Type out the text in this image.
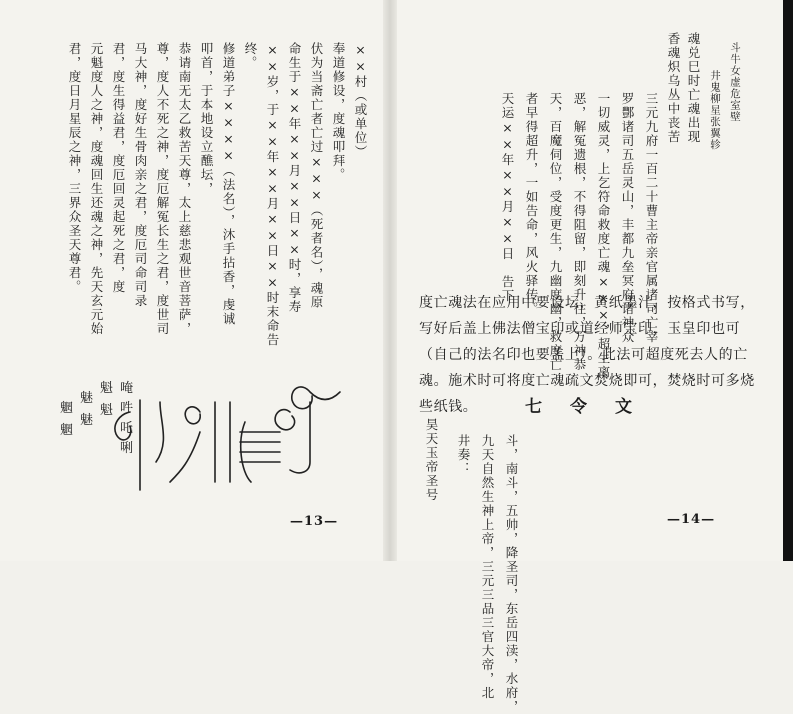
××村（或单位）
奉道修设，度魂叩拜。
伏为当斋亡者亡过×××（死者名），魂原
命生于××年××月××日××时，享寿
××岁，于××年××月××日××时末命告
终。
修道弟子××××（法名），沐手拈香，虔诚
叩首，于本地设立醮坛，
恭请南无太乙救苦天尊，太上慈悲观世音菩萨，
尊，度人不死之神，度厄解冤长生之君，度世司
马大神，度好生骨肉亲之君，度厄司命司录
君，度生得益君，度厄回灵起死之君，度
元魁度人之神，度魂回生还魂之神，先天玄元始
君，度日月星辰之神，三界众圣天尊君。
魁
魁
魅
魅
魍
魍
唵
吽
吒
唎
—13—
斗牛女虚危室壁
井鬼柳星张翼轸
魂兑巳时亡魂出现
香魂炽乌丛中丧苦
三元九府一百二十曹主帝亲官属诸司亡宰
罗酆诸司五岳灵山，丰都九垒冥府诸神众
一切威灵，上乞符命救度亡魂×××，超生离
恶，解冤遗根，不得阻留，即刻升往，万神恭
天，百魔伺位，受度更生，九幽度幽，救度亡
者早得超升，一如告命，风火驿传。
天运××年××月××日　告下
度亡魂法在应用中要设坛，黄纸墨汁，按格式书写，写好后盖上佛法僧宝印或道经师宝印，玉皇印也可（自己的法名印也要盖上）。此法可超度死去人的亡魂。施术时可将度亡魂疏文焚烧即可，焚烧时可多烧些纸钱。	七令文
昊天玉帝圣号 井奏： 九天自然生神上帝，三元三品三官大帝，北 斗，南斗，五帅，降圣司，东岳四渎，水府，	—14—
